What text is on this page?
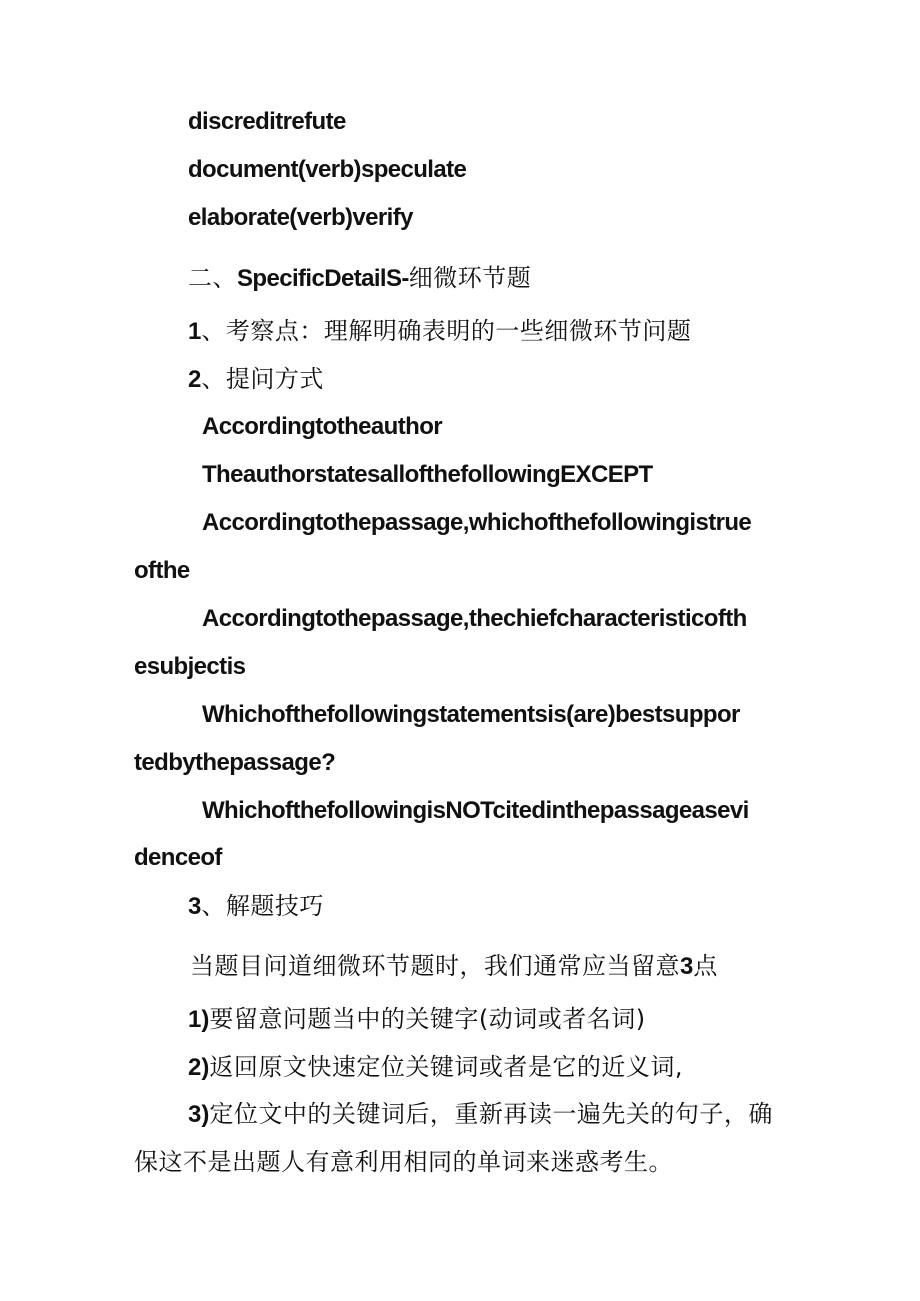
discreditrefute
document(verb)speculate
elaborate(verb)verify
二、SpecificDetailS-细微环节题
1、考察点：理解明确表明的一些细微环节问题
2、提问方式
Accordingtotheauthor
TheauthorstatesallofthefollowingEXCEPT
Accordingtothepassage,whichofthefollowingistrue
ofthe
Accordingtothepassage,thechiefcharacteristicofth
esubjectis
Whichofthefollowingstatementsis(are)bestsuppor
tedbythepassage?
WhichofthefollowingisNOTcitedinthepassageasevi
denceof
3、解题技巧
当题目问道细微环节题时，我们通常应当留意3点
1)要留意问题当中的关键字(动词或者名词)
2)返回原文快速定位关键词或者是它的近义词,
3)定位文中的关键词后，重新再读一遍先关的句子，确
保这不是出题人有意利用相同的单词来迷惑考生。
